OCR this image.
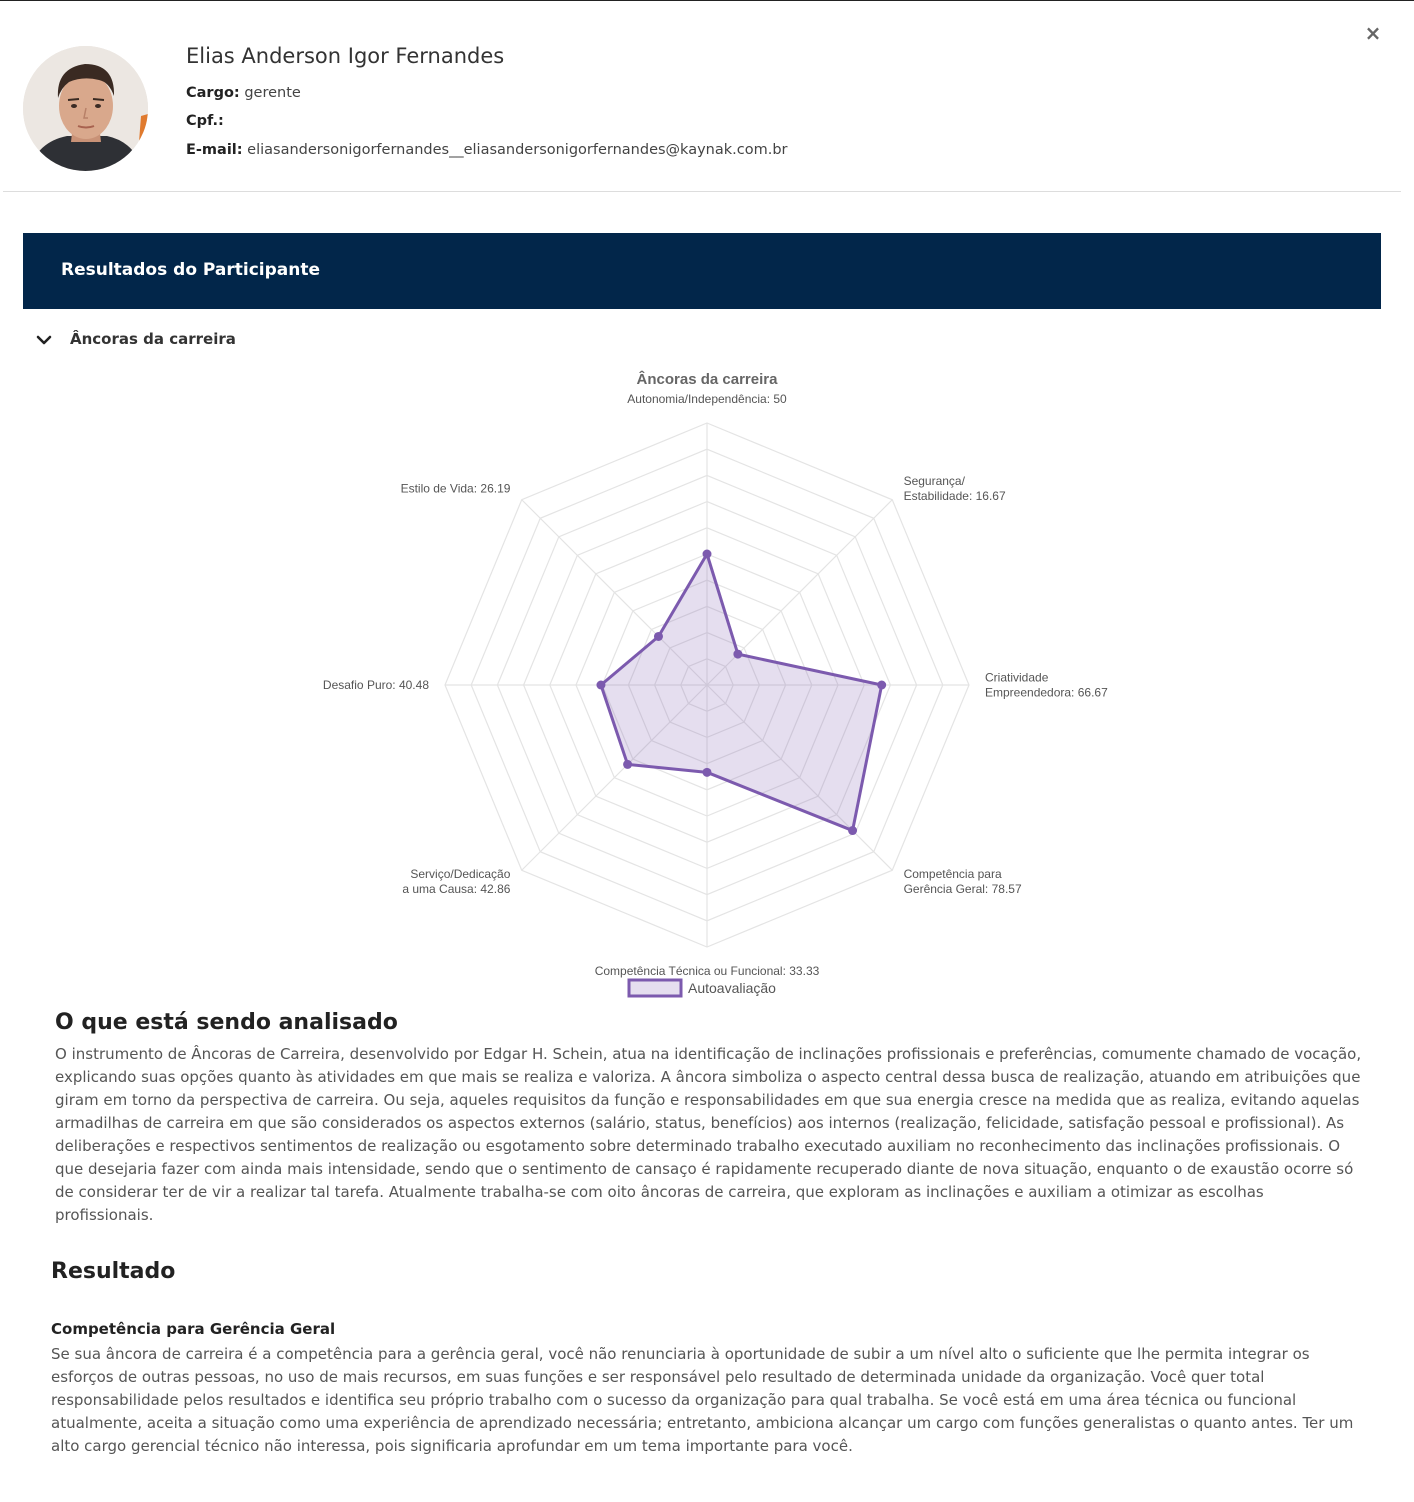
×
Elias Anderson Igor Fernandes
Cargo: gerente
Cpf.:
E-mail: eliasandersonigorfernandes__eliasandersonigorfernandes@kaynak.com.br
Resultados do Participante
Âncoras da carreira
Âncoras da carreira
Autonomia/Independência: 50
Segurança/ Estabilidade: 16.67
Criatividade Empreendedora: 66.67
Competência para Gerência Geral: 78.57
Competência Técnica ou Funcional: 33.33
Serviço/Dedicação a uma Causa: 42.86
Desafio Puro: 40.48
Estilo de Vida: 26.19
Autoavaliação
O que está sendo analisado

O instrumento de Âncoras de Carreira, desenvolvido por Edgar H. Schein, atua na identificação de inclinações profissionais e preferências, comumente chamado de vocação, explicando suas opções quanto às atividades em que mais se realiza e valoriza. A âncora simboliza o aspecto central dessa busca de realização, atuando em atribuições que giram em torno da perspectiva de carreira. Ou seja, aqueles requisitos da função e responsabilidades em que sua energia cresce na medida que as realiza, evitando aquelas armadilhas de carreira em que são considerados os aspectos externos (salário, status, benefícios) aos internos (realização, felicidade, satisfação pessoal e profissional). As deliberações e respectivos sentimentos de realização ou esgotamento sobre determinado trabalho executado auxiliam no reconhecimento das inclinações profissionais. O que desejaria fazer com ainda mais intensidade, sendo que o sentimento de cansaço é rapidamente recuperado diante de nova situação, enquanto o de exaustão ocorre só de considerar ter de vir a realizar tal tarefa. Atualmente trabalha-se com oito âncoras de carreira, que exploram as inclinações e auxiliam a otimizar as escolhas profissionais.

Resultado
Competência para Gerência Geral

Se sua âncora de carreira é a competência para a gerência geral, você não renunciaria à oportunidade de subir a um nível alto o suficiente que lhe permita integrar os esforços de outras pessoas, no uso de mais recursos, em suas funções e ser responsável pelo resultado de determinada unidade da organização. Você quer total responsabilidade pelos resultados e identifica seu próprio trabalho com o sucesso da organização para qual trabalha. Se você está em uma área técnica ou funcional atualmente, aceita a situação como uma experiência de aprendizado necessária; entretanto, ambiciona alcançar um cargo com funções generalistas o quanto antes. Ter um alto cargo gerencial técnico não interessa, pois significaria aprofundar em um tema importante para você.
